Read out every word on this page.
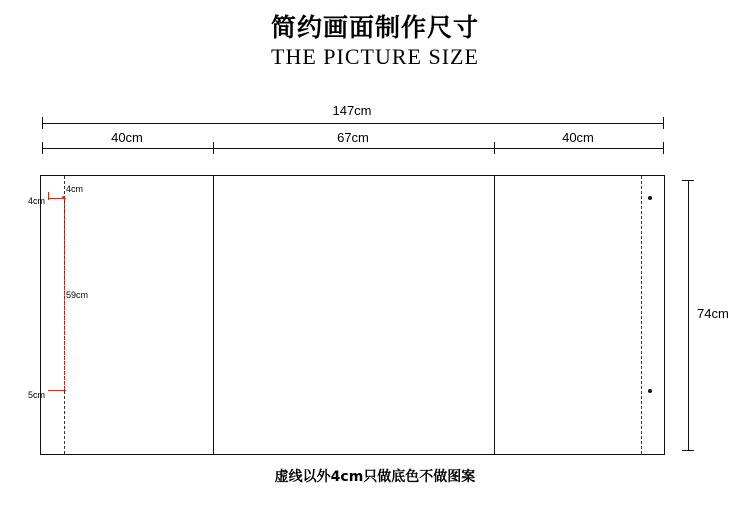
简约画面制作尺寸
THE PICTURE SIZE
147cm
40cm	67cm	40cm
74cm
4cm
4cm
59cm
5cm
虚线以外4cm只做底色不做图案
